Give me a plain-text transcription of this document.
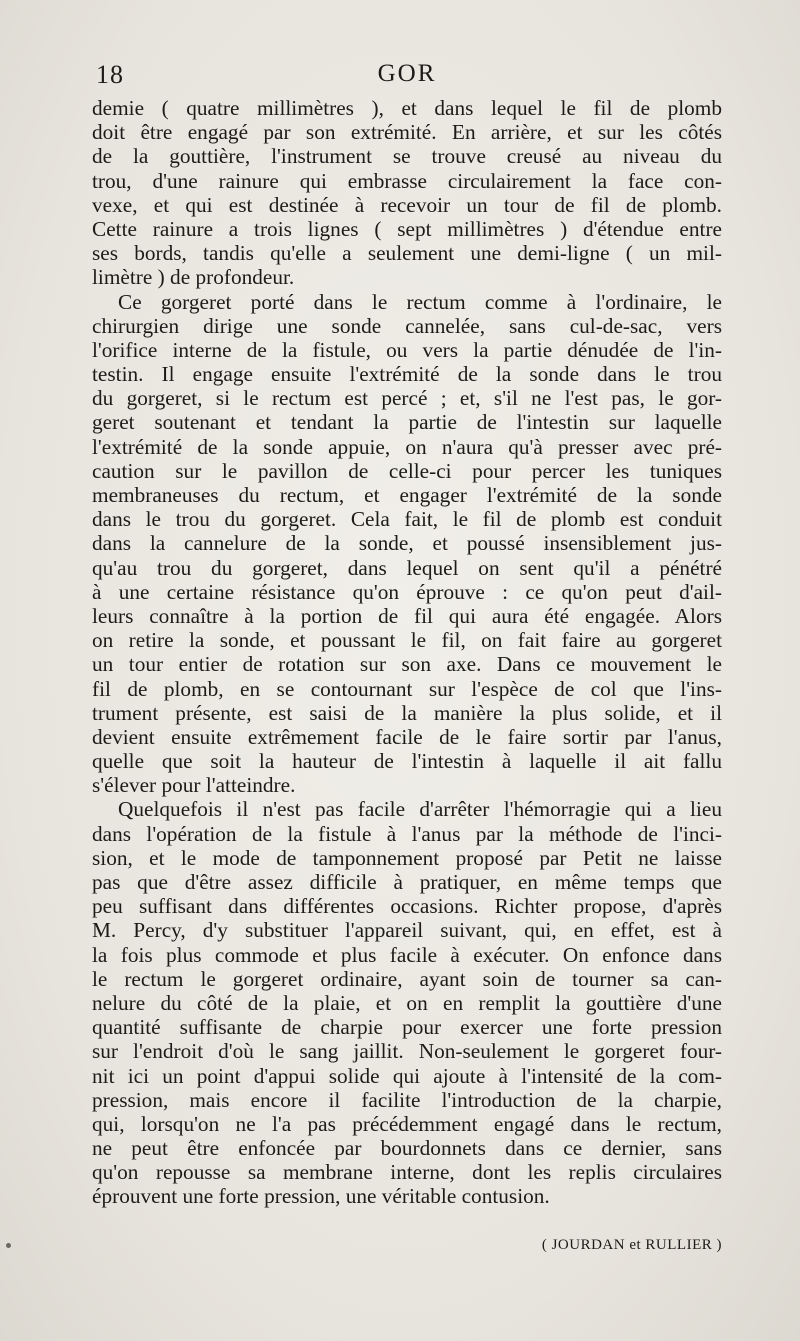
18	GOR
demie ( quatre millimètres ), et dans lequel le fil de plomb
doit être engagé par son extrémité. En arrière, et sur les côtés
de la gouttière, l'instrument se trouve creusé au niveau du
trou, d'une rainure qui embrasse circulairement la face con-
vexe, et qui est destinée à recevoir un tour de fil de plomb.
Cette rainure a trois lignes ( sept millimètres ) d'étendue entre
ses bords, tandis qu'elle a seulement une demi-ligne ( un mil-
limètre ) de profondeur.
Ce gorgeret porté dans le rectum comme à l'ordinaire, le
chirurgien dirige une sonde cannelée, sans cul-de-sac, vers
l'orifice interne de la fistule, ou vers la partie dénudée de l'in-
testin. Il engage ensuite l'extrémité de la sonde dans le trou
du gorgeret, si le rectum est percé ; et, s'il ne l'est pas, le gor-
geret soutenant et tendant la partie de l'intestin sur laquelle
l'extrémité de la sonde appuie, on n'aura qu'à presser avec pré-
caution sur le pavillon de celle-ci pour percer les tuniques
membraneuses du rectum, et engager l'extrémité de la sonde
dans le trou du gorgeret. Cela fait, le fil de plomb est conduit
dans la cannelure de la sonde, et poussé insensiblement jus-
qu'au trou du gorgeret, dans lequel on sent qu'il a pénétré
à une certaine résistance qu'on éprouve : ce qu'on peut d'ail-
leurs connaître à la portion de fil qui aura été engagée. Alors
on retire la sonde, et poussant le fil, on fait faire au gorgeret
un tour entier de rotation sur son axe. Dans ce mouvement le
fil de plomb, en se contournant sur l'espèce de col que l'ins-
trument présente, est saisi de la manière la plus solide, et il
devient ensuite extrêmement facile de le faire sortir par l'anus,
quelle que soit la hauteur de l'intestin à laquelle il ait fallu
s'élever pour l'atteindre.
Quelquefois il n'est pas facile d'arrêter l'hémorragie qui a lieu
dans l'opération de la fistule à l'anus par la méthode de l'inci-
sion, et le mode de tamponnement proposé par Petit ne laisse
pas que d'être assez difficile à pratiquer, en même temps que
peu suffisant dans différentes occasions. Richter propose, d'après
M. Percy, d'y substituer l'appareil suivant, qui, en effet, est à
la fois plus commode et plus facile à exécuter. On enfonce dans
le rectum le gorgeret ordinaire, ayant soin de tourner sa can-
nelure du côté de la plaie, et on en remplit la gouttière d'une
quantité suffisante de charpie pour exercer une forte pression
sur l'endroit d'où le sang jaillit. Non-seulement le gorgeret four-
nit ici un point d'appui solide qui ajoute à l'intensité de la com-
pression, mais encore il facilite l'introduction de la charpie,
qui, lorsqu'on ne l'a pas précédemment engagé dans le rectum,
ne peut être enfoncée par bourdonnets dans ce dernier, sans
qu'on repousse sa membrane interne, dont les replis circulaires
éprouvent une forte pression, une véritable contusion.
( JOURDAN et RULLIER )
